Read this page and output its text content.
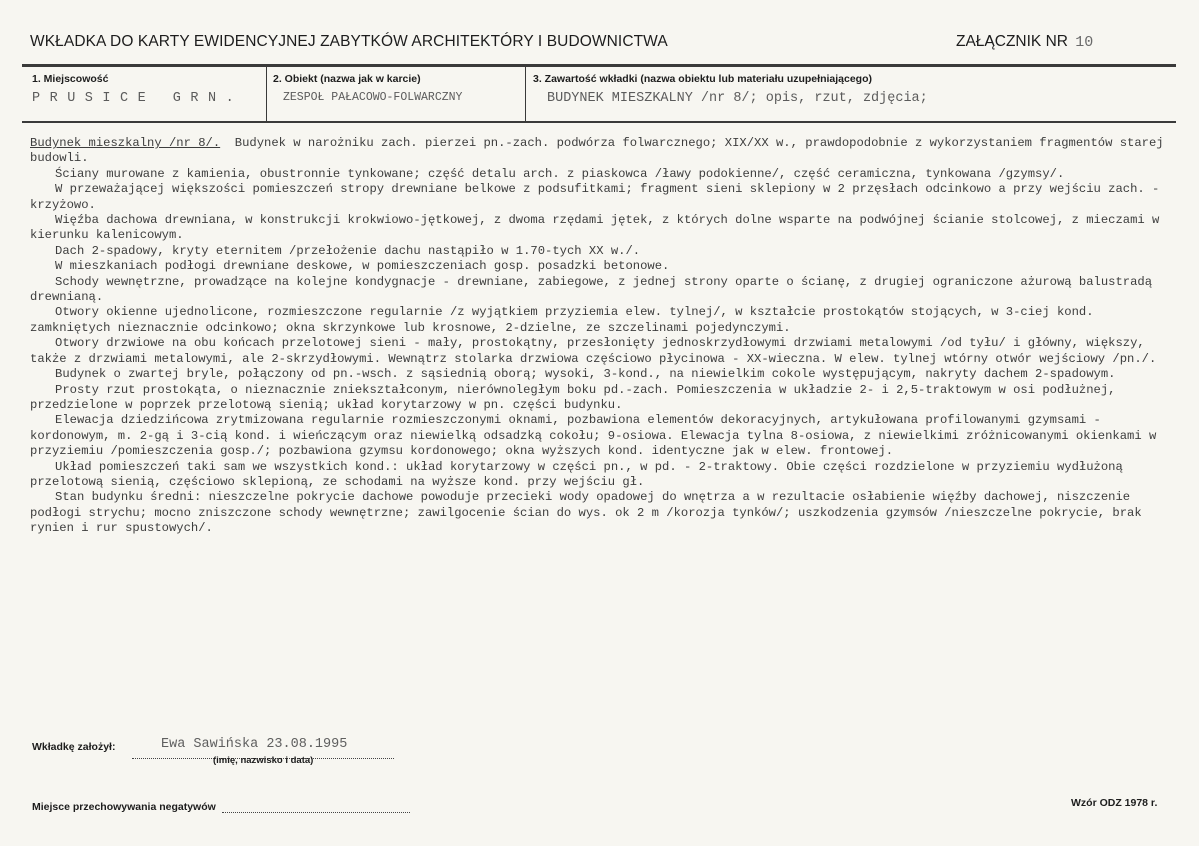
WKŁADKA DO KARTY EWIDENCYJNEJ ZABYTKÓW ARCHITEKTÓRY I BUDOWNICTWA	ZAŁĄCZNIK NR 10
1. Miejscowość
PRUSICE GRN.
2. Obiekt (nazwa jak w karcie)
ZESPOŁ PAŁACOWO-FOLWARCZNY
3. Zawartość wkładki (nazwa obiektu lub materiału uzupełniającego)
BUDYNEK MIESZKALNY /nr 8/; opis, rzut, zdjęcia;
Budynek mieszkalny /nr 8/.  Budynek w narożniku zach. pierzei pn.-zach. podwórza folwarcznego; XIX/XX w., prawdopodobnie z wykorzystaniem fragmentów starej budowli.
Ściany murowane z kamienia, obustronnie tynkowane; część detalu arch. z piaskowca /ławy podokienne/, część ceramiczna, tynkowana /gzymsy/.
W przeważającej większości pomieszczeń stropy drewniane belkowe z podsufitkami; fragment sieni sklepiony w 2 przęsłach odcinkowo a przy wejściu zach. - krzyżowo.
Więźba dachowa drewniana, w konstrukcji krokwiowo-jętkowej, z dwoma rzędami jętek, z których dolne wsparte na podwójnej ścianie stolcowej, z mieczami w kierunku kalenicowym.
Dach 2-spadowy, kryty eternitem /przełożenie dachu nastąpiło w 1.70-tych XX w./.
W mieszkaniach podłogi drewniane deskowe, w pomieszczeniach gosp. posadzki betonowe.
Schody wewnętrzne, prowadzące na kolejne kondygnacje - drewniane, zabiegowe, z jednej strony oparte o ścianę, z drugiej ograniczone ażurową balustradą drewnianą.
Otwory okienne ujednolicone, rozmieszczone regularnie /z wyjątkiem przyziemia elew. tylnej/, w kształcie prostokątów stojących, w 3-ciej kond. zamkniętych nieznacznie odcinkowo; okna skrzynkowe lub krosnowe, 2-dzielne, ze szczelinami pojedynczymi.
Otwory drzwiowe na obu końcach przelotowej sieni - mały, prostokątny, przesłonięty jednoskrzydłowymi drzwiami metalowymi /od tyłu/ i główny, większy, także z drzwiami metalowymi, ale 2-skrzydłowymi. Wewnątrz stolarka drzwiowa częściowo płycinowa - XX-wieczna. W elew. tylnej wtórny otwór wejściowy /pn./.
Budynek o zwartej bryle, połączony od pn.-wsch. z sąsiednią oborą; wysoki, 3-kond., na niewielkim cokole występującym, nakryty dachem 2-spadowym.
Prosty rzut prostokąta, o nieznacznie zniekształconym, nierównoległym boku pd.-zach. Pomieszczenia w układzie 2- i 2,5-traktowym w osi podłużnej, przedzielone w poprzek przelotową sienią; układ korytarzowy w pn. części budynku.
Elewacja dziedzińcowa zrytmizowana regularnie rozmieszczonymi oknami, pozbawiona elementów dekoracyjnych, artykułowana profilowanymi gzymsami - kordonowym, m. 2-gą i 3-cią kond. i wieńczącym oraz niewielką odsadzką cokołu; 9-osiowa. Elewacja tylna 8-osiowa, z niewielkimi zróżnicowanymi okienkami w przyziemiu /pomieszczenia gosp./; pozbawiona gzymsu kordonowego; okna wyższych kond. identyczne jak w elew. frontowej.
Układ pomieszczeń taki sam we wszystkich kond.: układ korytarzowy w części pn., w pd. - 2-traktowy. Obie części rozdzielone w przyziemiu wydłużoną przelotową sienią, częściowo sklepioną, ze schodami na wyższe kond. przy wejściu gł.
Stan budynku średni: nieszczelne pokrycie dachowe powoduje przecieki wody opadowej do wnętrza a w rezultacie osłabienie więźby dachowej, niszczenie podłogi strychu; mocno zniszczone schody wewnętrzne; zawilgocenie ścian do wys. ok 2 m /korozja tynków/; uszkodzenia gzymsów /nieszczelne pokrycie, brak rynien i rur spustowych/.
Wkładkę założył:	Ewa Sawińska 23.08.1995
(imię, nazwisko i data)
Miejsce przechowywania negatywów	Wzór ODZ 1978 r.
